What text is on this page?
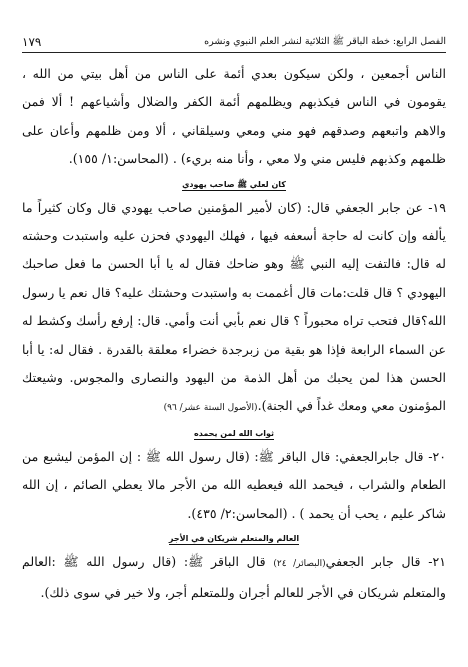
الفصل الرابع: خطة الباقر ﷺ الثلاثية لنشر العلم النبوي ونشره
١٧٩

الناس أجمعين ، ولكن سيكون بعدي أئمة على الناس من أهل بيتي من الله ، يقومون في الناس فيكذبهم ويظلمهم أئمة الكفر والضلال وأشياعهم ! ألا فمن والاهم واتبعهم وصدقهم فهو مني ومعي وسيلقاني ، ألا ومن ظلمهم وأعان على ظلمهم وكذبهم فليس مني ولا معي ، وأنا منه بريء) . (المحاسن:١/ ١٥٥).

كان لعلي ﷺ صاحب يهودي

١٩- عن جابر الجعفي قال: (كان لأمير المؤمنين صاحب يهودي قال وكان كثيراً ما يألفه وإن كانت له حاجة أسعفه فيها ، فهلك اليهودي فحزن عليه واستبدت وحشته له قال: فالتفت إليه النبي ﷺ وهو ضاحك فقال له يا أبا الحسن ما فعل صاحبك اليهودي ؟ قال قلت:مات قال أغممت به واستبدت وحشتك عليه؟ قال نعم يا رسول الله؟قال فتحب تراه محبوراً ؟ قال نعم بأبي أنت وأمي. قال: إرفع رأسك وكشط له عن السماء الرابعة فإذا هو بقية من زبرجدة خضراء معلقة بالقدرة . فقال له: يا أبا الحسن هذا لمن يحبك من أهل الذمة من اليهود والنصارى والمجوس. وشيعتك المؤمنون معي ومعك غداً في الجنة).(الأصول الستة عشر/ ٩٦)

ثواب الله لمن يحمده

٢٠- قال جابرالجعفي: قال الباقر ﷺ: (قال رسول الله ﷺ : إن المؤمن ليشبع من الطعام والشراب ، فيحمد الله فيعطيه الله من الأجر مالا يعطي الصائم ، إن الله شاكر عليم ، يحب أن يحمد ) . (المحاسن:٢/ ٤٣٥).

العالم والمتعلم شريكان في الأجر

٢١- قال جابر الجعفي(البصائر/ ٢٤) قال الباقر ﷺ: (قال رسول الله ﷺ :العالم والمتعلم شريكان في الأجر للعالم أجران وللمتعلم أجر، ولا خير في سوى ذلك).
